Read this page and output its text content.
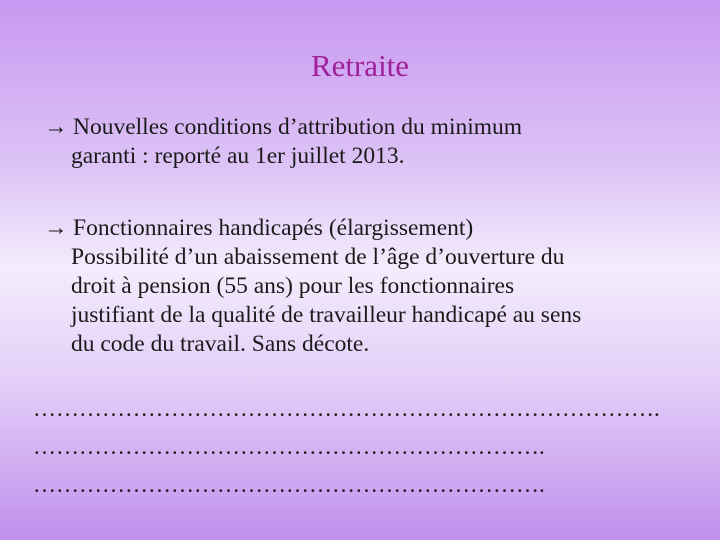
Retraite
→ Nouvelles conditions d’attribution du minimum
garanti : reporté au 1er juillet 2013.
→ Fonctionnaires handicapés (élargissement)
Possibilité d’un abaissement de l’âge d’ouverture du
droit à pension (55 ans) pour les fonctionnaires
justifiant de la qualité de travailleur handicapé au sens
du code du travail. Sans décote.
……………………………………………………………………….
………………………………………………………….
………………………………………………………….
